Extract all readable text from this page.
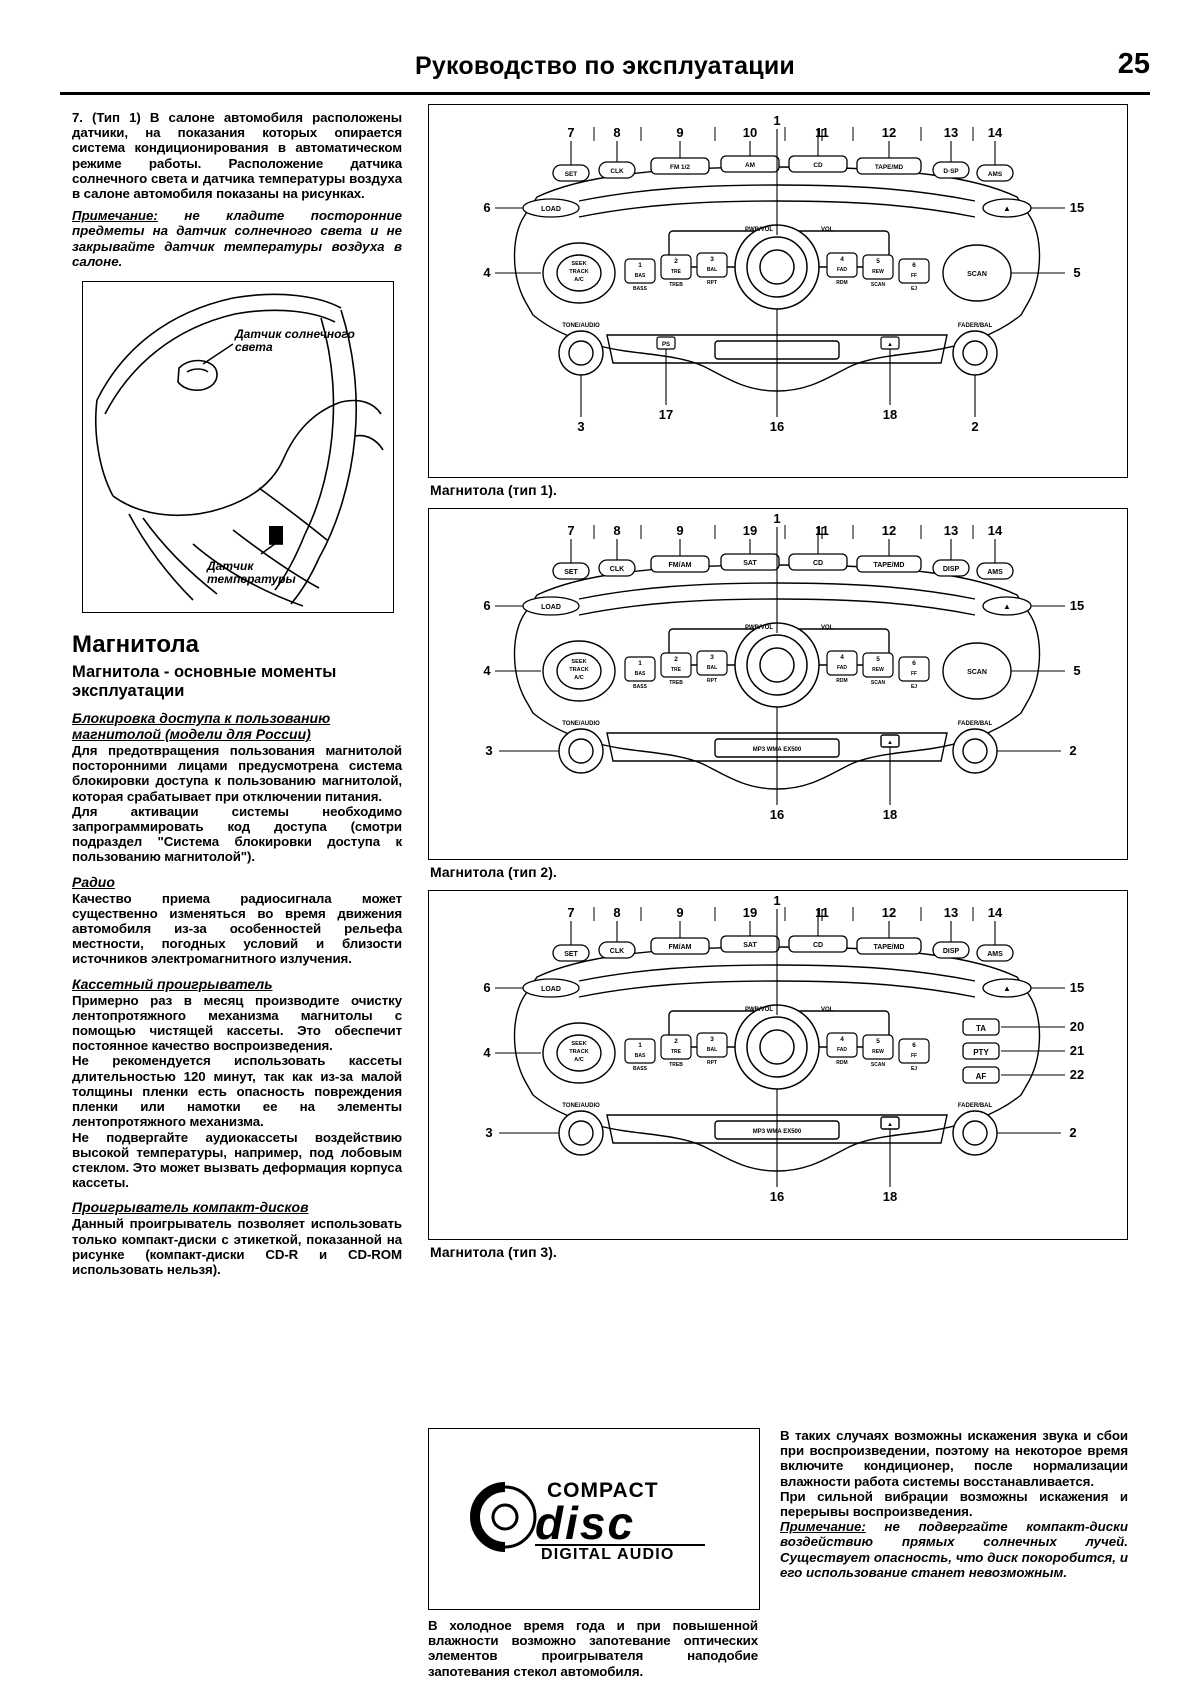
Руководство по эксплуатации	25

7. (Тип 1) В салоне автомобиля расположены датчики, на показания которых опирается система кондиционирования в автоматическом режиме работы. Расположение датчика солнечного света и датчика температуры воздуха в салоне автомобиля показаны на рисунках.

Примечание: не кладите посторонние предметы на датчик солнечного света и не закрывайте датчик температуры воздуха в салоне.

Датчик солнечного
света
Датчик
температуры
Магнитола
Магнитола - основные моменты эксплуатации
Блокировка доступа к пользованию магнитолой (модели для России)

Для предотвращения пользования магнитолой посторонними лицами предусмотрена система блокировки доступа к пользованию магнитолой, которая срабатывает при отключении питания.

Для активации системы необходимо запрограммировать код доступа (смотри подраздел "Система блокировки доступа к пользованию магнитолой").

Радио

Качество приема радиосигнала может существенно изменяться во время движения автомобиля из-за особенностей рельефа местности, погодных условий и близости источников электромагнитного излучения.

Кассетный проигрыватель

Примерно раз в месяц производите очистку лентопротяжного механизма магнитолы с помощью чистящей кассеты. Это обеспечит постоянное качество воспроизведения.

Не рекомендуется использовать кассеты длительностью 120 минут, так как из-за малой толщины пленки есть опасность повреждения пленки или намотки ее на элементы лентопротяжного механизма.

Не подвергайте аудиокассеты воздействию высокой температуры, например, под лобовым стеклом. Это может вызвать деформация корпуса кассеты.

Проигрыватель компакт-дисков

Данный проигрыватель позволяет использовать только компакт-диски с этикеткой, показанной на рисунке (компакт-диски CD-R и CD-ROM использовать нельзя).

SET	CLK
FM 1/2	AM	CD	TAPE/MD
D·SP	AMS
LOAD	▲
PWR/VOL	VOL
SEEK
TRACK
A/C
SCAN
1
2	3	4	5
6
BAS
TRE	BAL	FAD	REW
FF
BASS
TREB	RPT	RDM	SCAN
EJ
TONE/AUDIO	FADER/BAL
PS	▲
7	8	9	10	11	12	13 14
1
6
4
15
5
3
17
16
18
2
Магнитола (тип 1).
SET	CLK
FM/AM	SAT	CD	TAPE/MD
DISP	AMS
LOAD	▲
PWR/VOL	VOL
SEEK
TRACK
A/C
SCAN
1
2	3	4	5
6
BAS
TRE	BAL	FAD	REW
FF
BASS
TREB	RPT	RDM	SCAN
EJ
TONE/AUDIO	FADER/BAL
▲
MP3 WMA EX500
7	8	9	19	11	12	13 14
1
6
4
3
15
5
2
16	18
Магнитола (тип 2).
SET	CLK
FM/AM	SAT	CD	TAPE/MD
DISP	AMS
LOAD	▲
PWR/VOL	VOL
SEEK
TRACK
A/C
TA
PTY
AF
1
2	3	4	5
6
BAS
TRE	BAL	FAD	REW
FF
BASS
TREB	RPT	RDM	SCAN
EJ
TONE/AUDIO	FADER/BAL
▲
MP3 WMA EX500
7	8	9	19	11	12	13 14
1
6
4
3
15
20
21
22
2
16	18
Магнитола (тип 3).
COMPACT
disc
DIGITAL AUDIO

В холодное время года и при повышенной влажности возможно запотевание оптических элементов проигрывателя наподобие запотевания стекол автомобиля.

В таких случаях возможны искажения звука и сбои при воспроизведении, поэтому на некоторое время включите кондиционер, после нормализации влажности работа системы восстанавливается.

При сильной вибрации возможны искажения и перерывы воспроизведения.

Примечание: не подвергайте компакт-диски воздействию прямых солнечных лучей. Существует опасность, что диск покоробится, и его использование станет невозможным.
